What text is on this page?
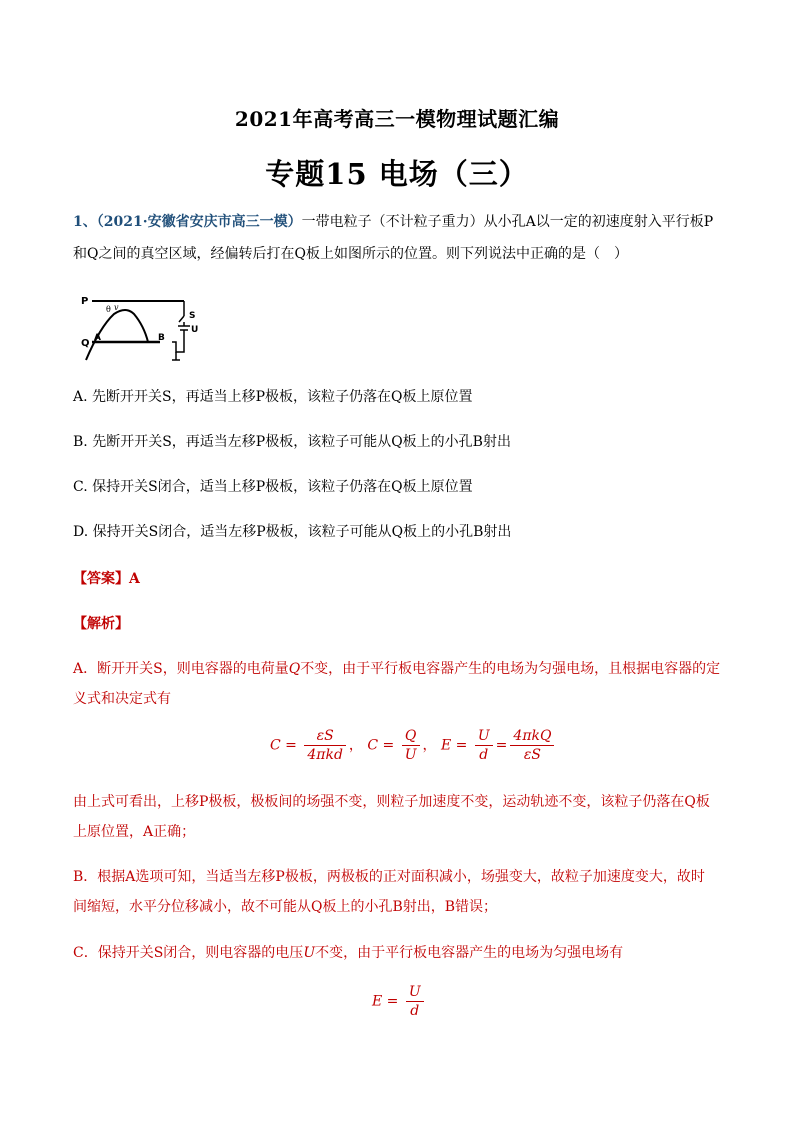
2021年高考高三一模物理试题汇编
专题15 电场（三）
1、（2021·安徽省安庆市高三一模）一带电粒子（不计粒子重力）从小孔A以一定的初速度射入平行板P
和Q之间的真空区域，经偏转后打在Q板上如图所示的位置。则下列说法中正确的是（　）
P
Q A	B
S
U
θ v
A. 先断开开关S，再适当上移P极板，该粒子仍落在Q板上原位置
B. 先断开开关S，再适当左移P极板，该粒子可能从Q板上的小孔B射出
C. 保持开关S闭合，适当上移P极板，该粒子仍落在Q板上原位置
D. 保持开关S闭合，适当左移P极板，该粒子可能从Q板上的小孔B射出
【答案】A
【解析】
A．断开开关S，则电容器的电荷量Q不变，由于平行板电容器产生的电场为匀强电场，且根据电容器的定
义式和决定式有
$C = \frac{\varepsilon S}{\text{4πkd}}$ ， $C = \frac{Q}{U}$ ， $E = \frac{U}{d} = \frac{\text{4πkQ}}{\varepsilon S}$
由上式可看出，上移P极板，极板间的场强不变，则粒子加速度不变，运动轨迹不变，该粒子仍落在Q板
上原位置，A正确；
B．根据A选项可知，当适当左移P极板，两极板的正对面积减小，场强变大，故粒子加速度变大，故时
间缩短，水平分位移减小，故不可能从Q板上的小孔B射出，B错误；
C．保持开关S闭合，则电容器的电压U不变，由于平行板电容器产生的电场为匀强电场有
$E = \frac{U}{d}$
